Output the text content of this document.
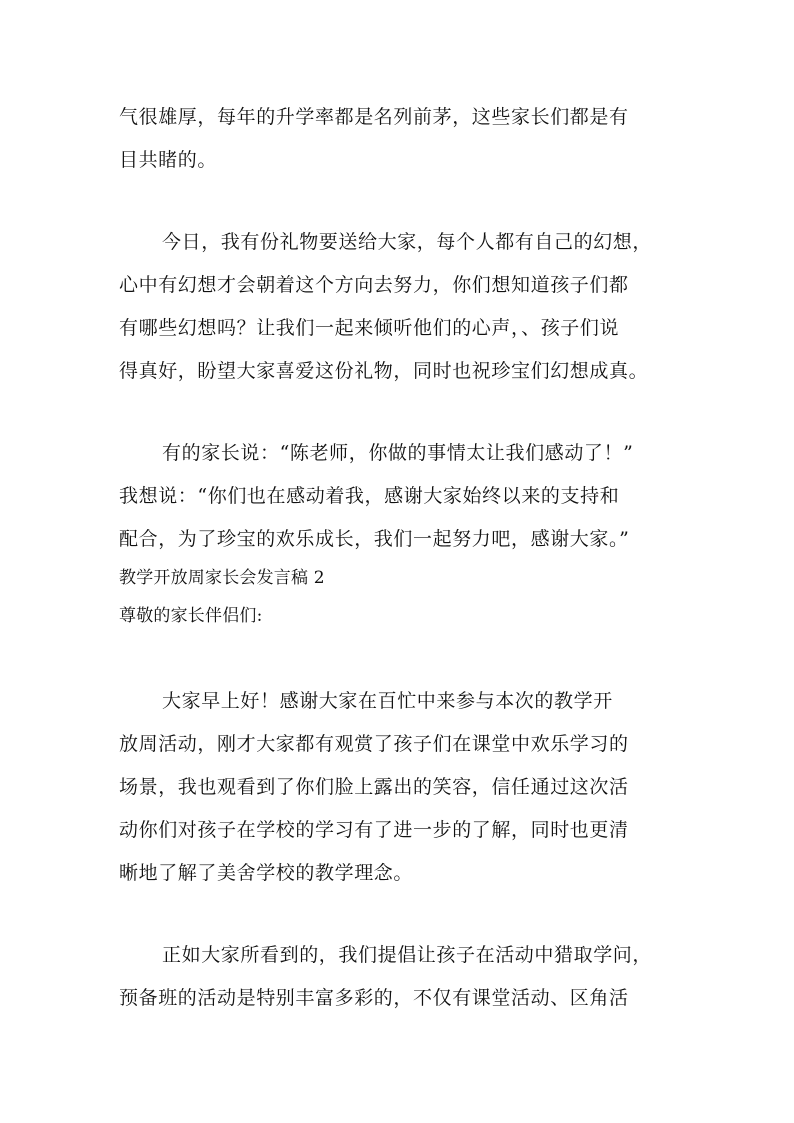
气很雄厚，每年的升学率都是名列前茅，这些家长们都是有
目共睹的。
今日，我有份礼物要送给大家，每个人都有自己的幻想，
心中有幻想才会朝着这个方向去努力，你们想知道孩子们都
有哪些幻想吗？让我们一起来倾听他们的心声，、孩子们说
得真好，盼望大家喜爱这份礼物，同时也祝珍宝们幻想成真。
有的家长说：“陈老师，你做的事情太让我们感动了！”
我想说：“你们也在感动着我，感谢大家始终以来的支持和
配合，为了珍宝的欢乐成长，我们一起努力吧，感谢大家。”
教学开放周家长会发言稿 2
尊敬的家长伴侣们:
大家早上好！感谢大家在百忙中来参与本次的教学开
放周活动，刚才大家都有观赏了孩子们在课堂中欢乐学习的
场景，我也观看到了你们脸上露出的笑容，信任通过这次活
动你们对孩子在学校的学习有了进一步的了解，同时也更清
晰地了解了美舍学校的教学理念。
正如大家所看到的，我们提倡让孩子在活动中猎取学问，
预备班的活动是特别丰富多彩的，不仅有课堂活动、区角活
